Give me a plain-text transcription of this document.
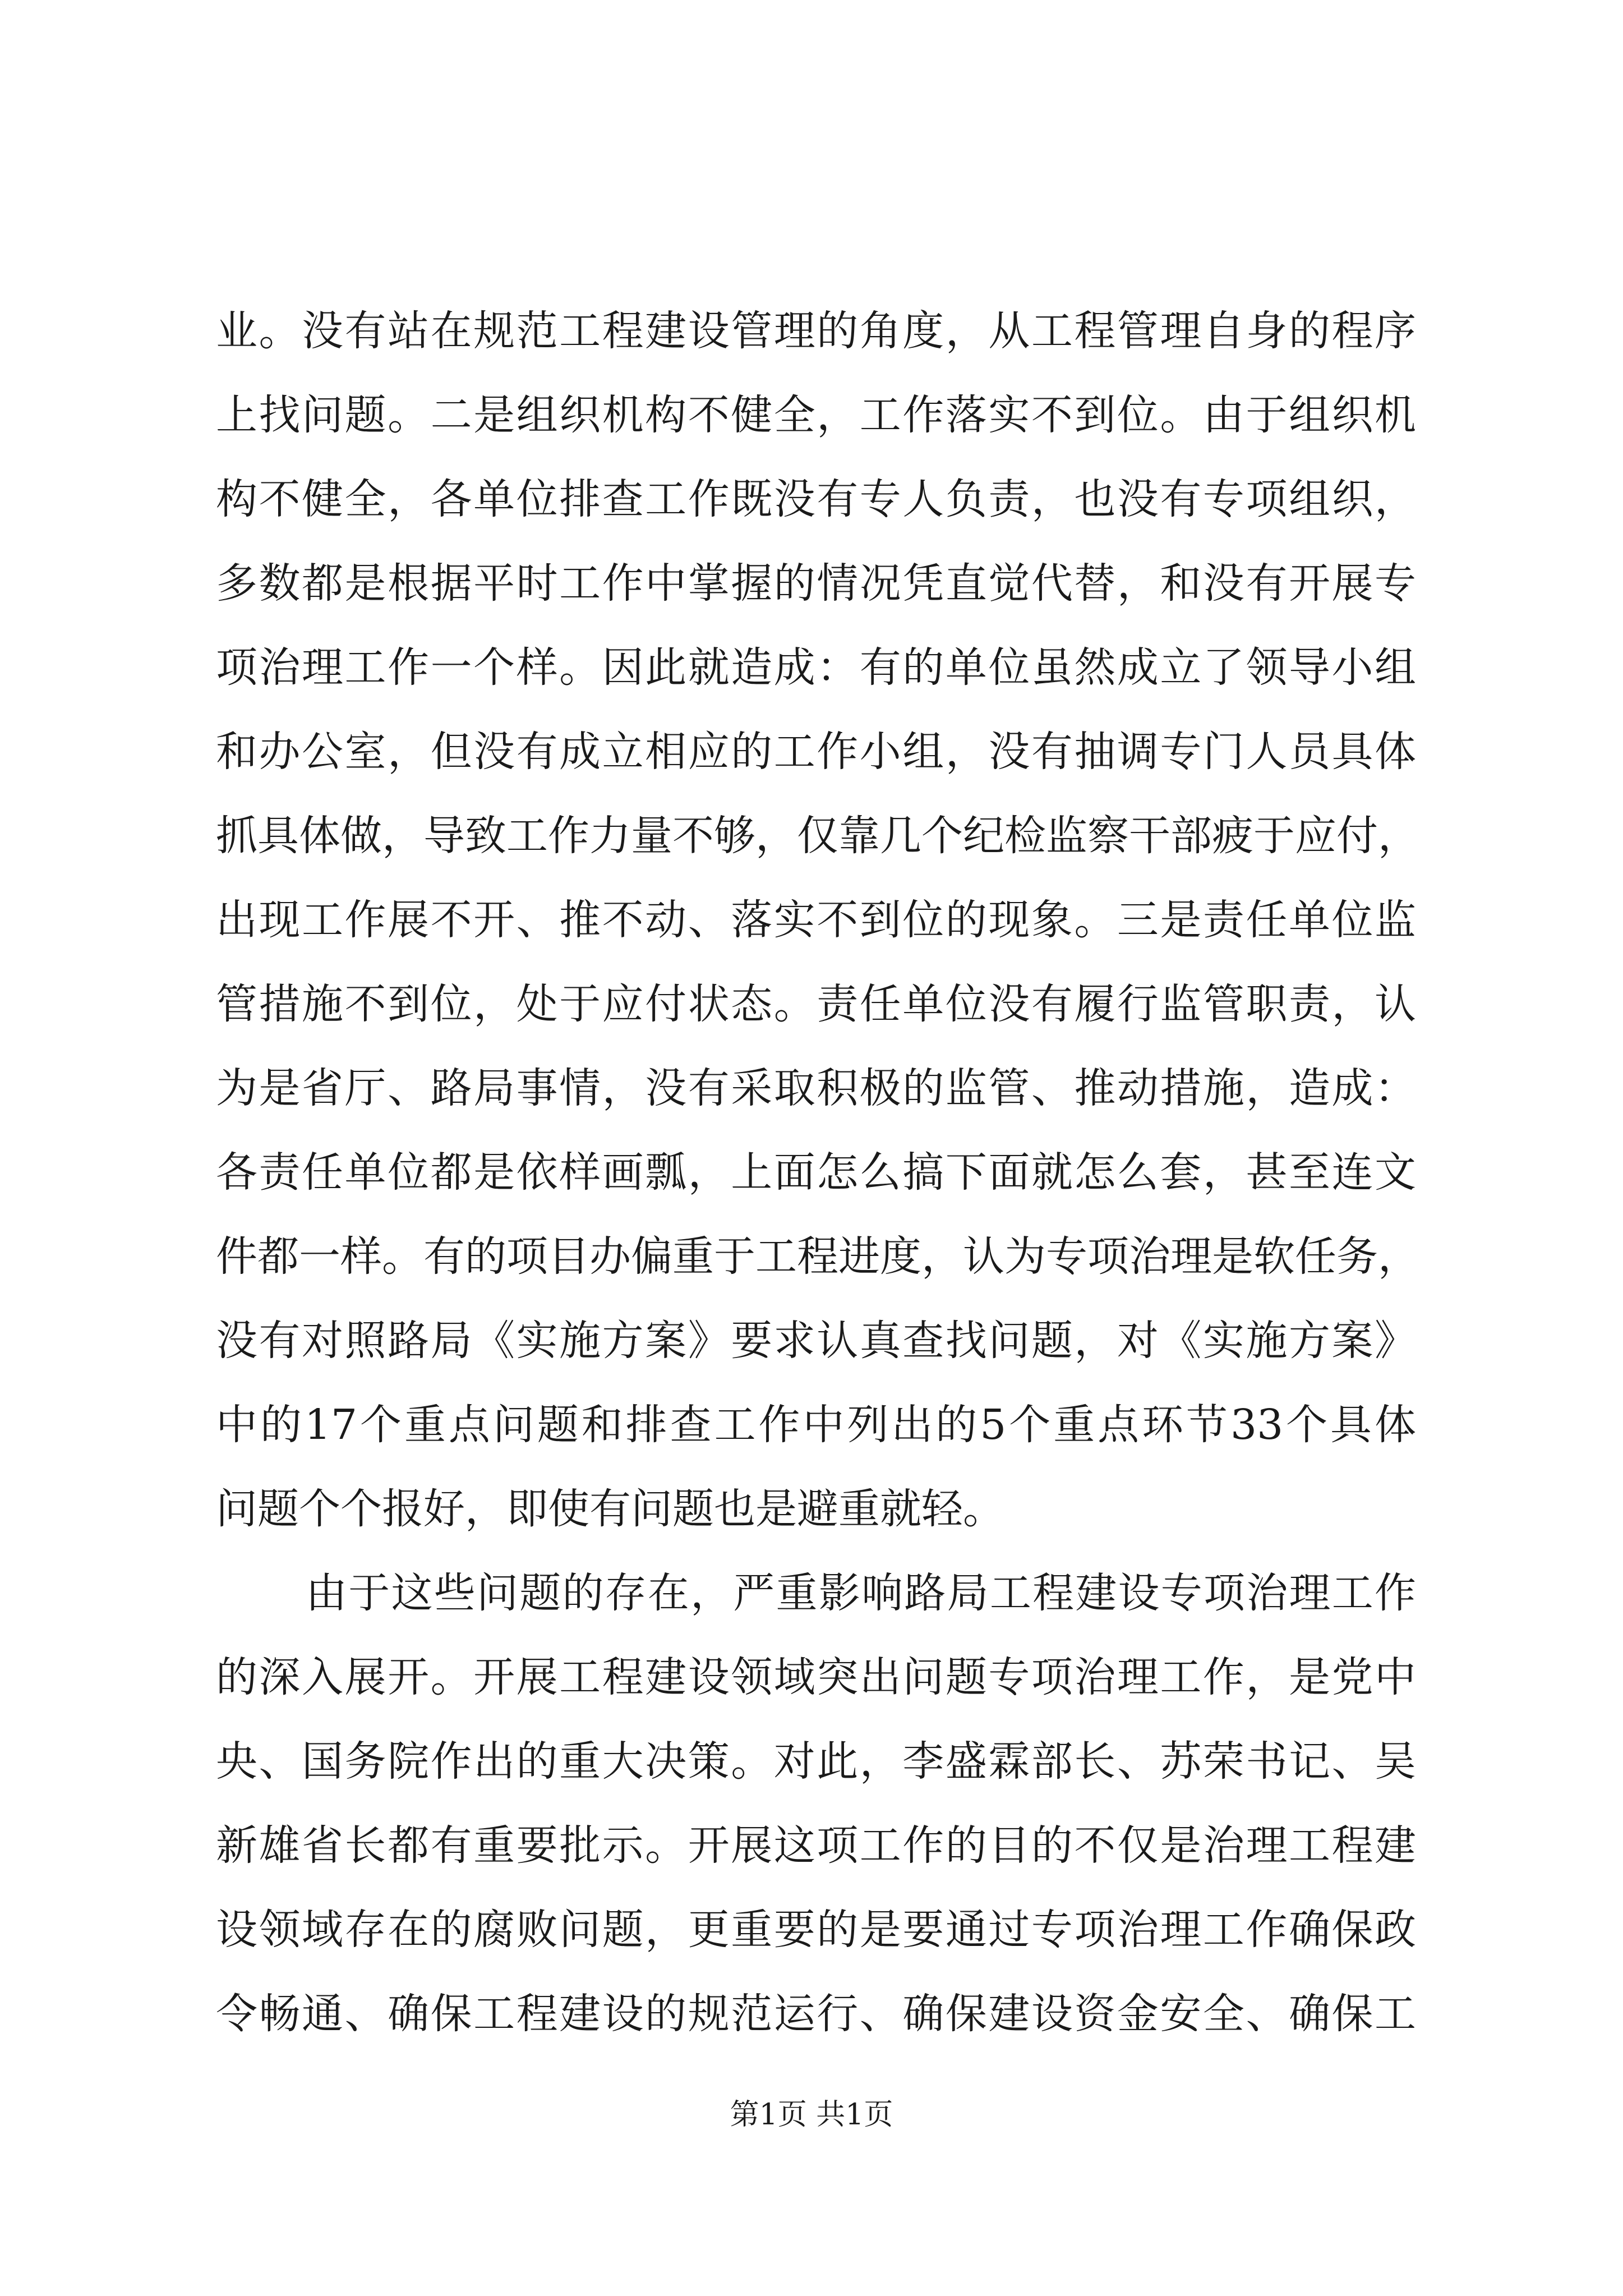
业。没有站在规范工程建设管理的角度，从工程管理自身的程序
上找问题。二是组织机构不健全，工作落实不到位。由于组织机
构不健全，各单位排查工作既没有专人负责，也没有专项组织，
多数都是根据平时工作中掌握的情况凭直觉代替，和没有开展专
项治理工作一个样。因此就造成：有的单位虽然成立了领导小组
和办公室，但没有成立相应的工作小组，没有抽调专门人员具体
抓具体做，导致工作力量不够，仅靠几个纪检监察干部疲于应付，
出现工作展不开、推不动、落实不到位的现象。三是责任单位监
管措施不到位，处于应付状态。责任单位没有履行监管职责，认
为是省厅、路局事情，没有采取积极的监管、推动措施，造成：
各责任单位都是依样画瓢，上面怎么搞下面就怎么套，甚至连文
件都一样。有的项目办偏重于工程进度，认为专项治理是软任务，
没有对照路局《实施方案》要求认真查找问题，对《实施方案》
中的17个重点问题和排查工作中列出的5个重点环节33个具体
问题个个报好，即使有问题也是避重就轻。
由于这些问题的存在，严重影响路局工程建设专项治理工作
的深入展开。开展工程建设领域突出问题专项治理工作，是党中
央、国务院作出的重大决策。对此，李盛霖部长、苏荣书记、吴
新雄省长都有重要批示。开展这项工作的目的不仅是治理工程建
设领域存在的腐败问题，更重要的是要通过专项治理工作确保政
令畅通、确保工程建设的规范运行、确保建设资金安全、确保工
第1页 共1页
